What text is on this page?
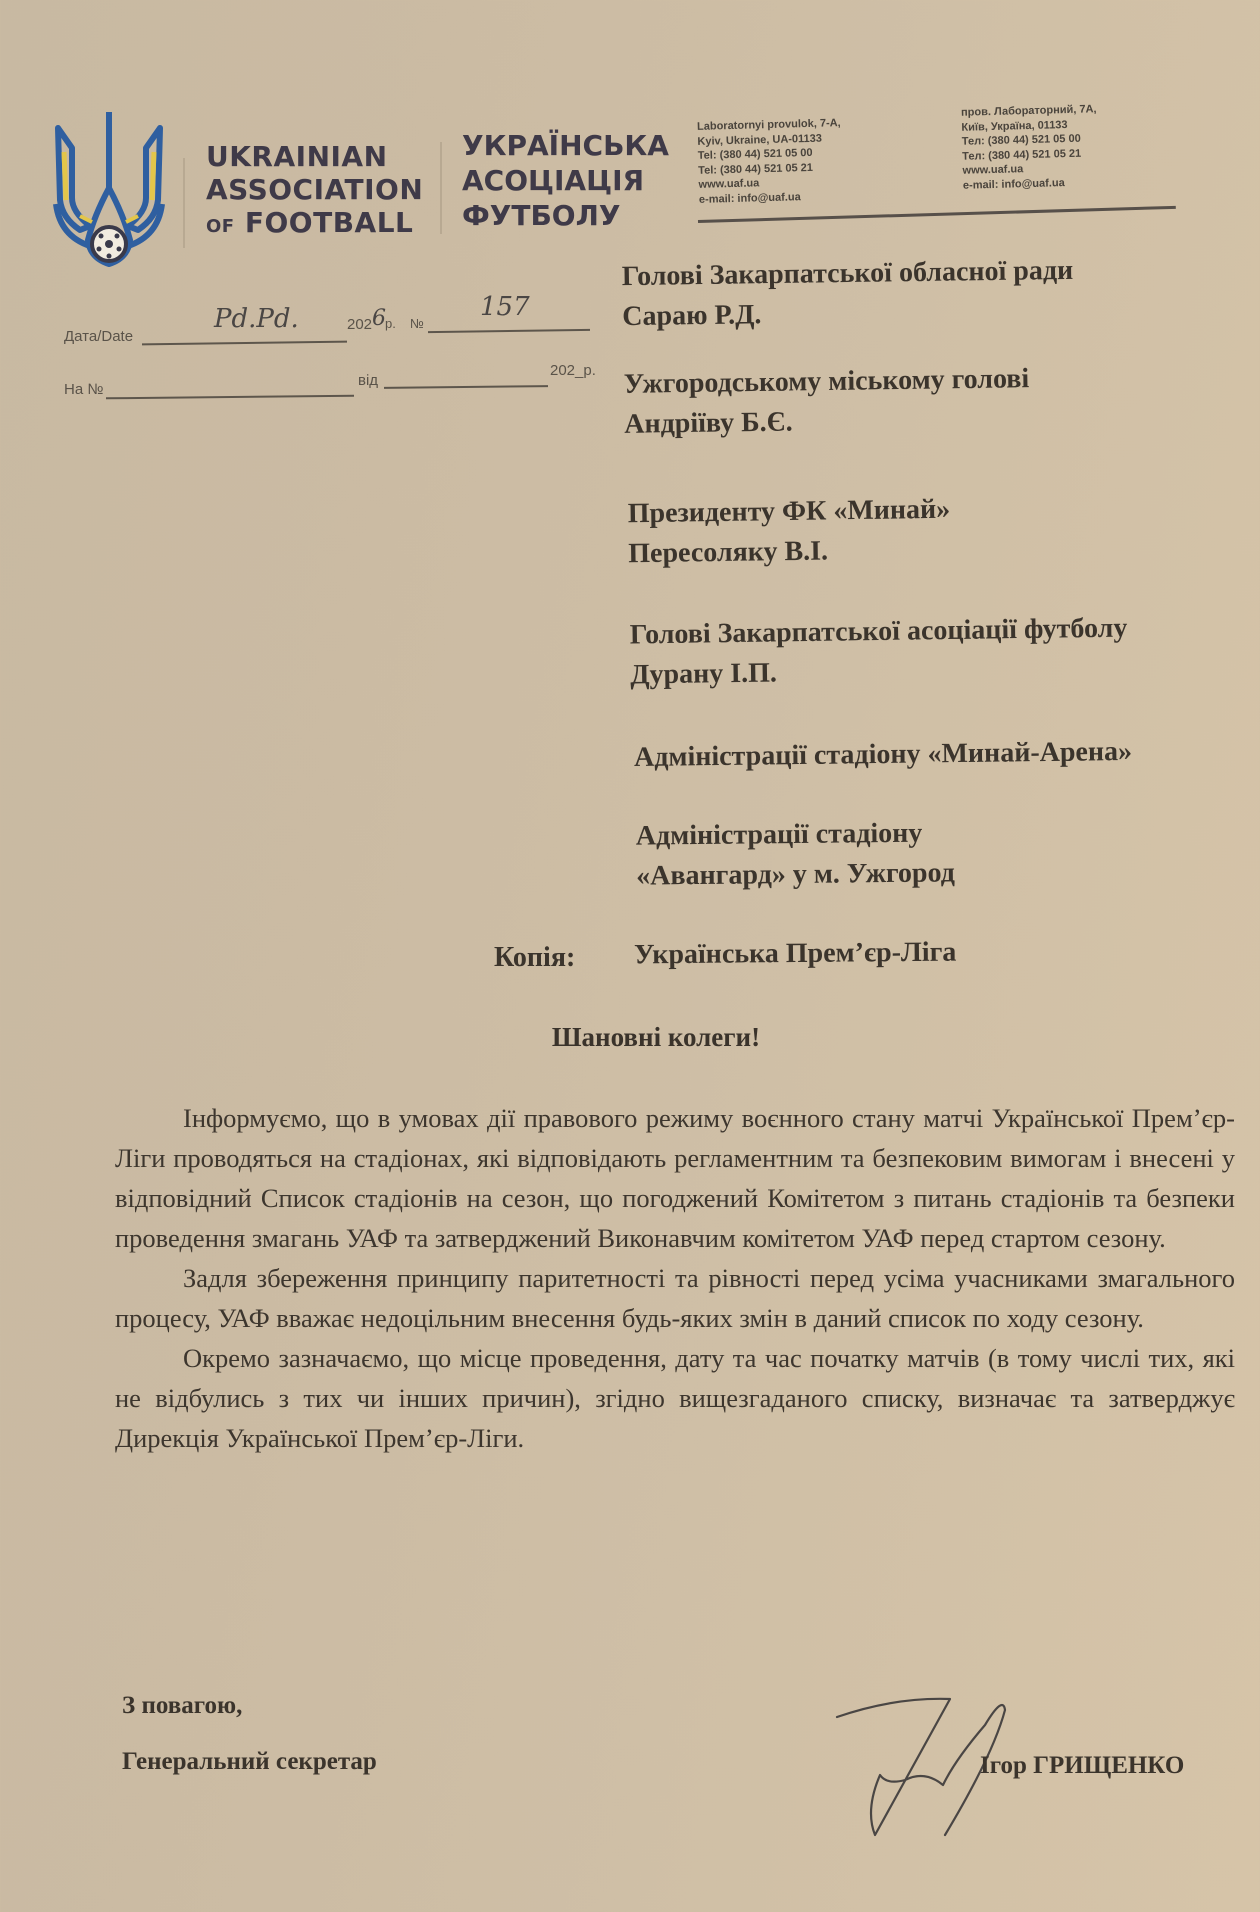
UKRAINIAN
ASSOCIATION
OF FOOTBALL
УКРАЇНСЬКА
АСОЦІАЦІЯ
ФУТБОЛУ
Laboratornyi provulok, 7-A,
Kyiv, Ukraine, UA-01133
Tel: (380 44) 521 05 00
Tel: (380 44) 521 05 21
www.uaf.ua
e-mail: info@uaf.ua
пров. Лабораторний, 7А,
Київ, Україна, 01133
Тел: (380 44) 521 05 00
Тел: (380 44) 521 05 21
www.uaf.ua
e-mail: info@uaf.ua
Дата/Date
Pd.Pd.	202 6 р. №
157
На №
від
202_р.
Голові Закарпатської обласної ради
Сараю Р.Д.
Ужгородському міському голові
Андріїву Б.Є.
Президенту ФК «Минай»
Пересоляку В.І.
Голові Закарпатської асоціації футболу
Дурану І.П.
Адміністрації стадіону «Минай-Арена»
Адміністрації стадіону
«Авангард» у м. Ужгород
Копія: Українська Прем’єр-Ліга
Шановні колеги!

Інформуємо, що в умовах дії правового режиму воєнного стану матчі Української Прем’єр-Ліги проводяться на стадіонах, які відповідають регламентним та безпековим вимогам і внесені у відповідний Список стадіонів на сезон, що погоджений Комітетом з питань стадіонів та безпеки проведення змагань УАФ та затверджений Виконавчим комітетом УАФ перед стартом сезону.

Задля збереження принципу паритетності та рівності перед усіма учасниками змагального процесу, УАФ вважає недоцільним внесення будь-яких змін в даний список по ходу сезону.

Окремо зазначаємо, що місце проведення, дату та час початку матчів (в тому числі тих, які не відбулись з тих чи інших причин), згідно вищезгаданого списку, визначає та затверджує Дирекція Української Прем’єр-Ліги.

З повагою,
Генеральний секретар	Ігор ГРИЩЕНКО
